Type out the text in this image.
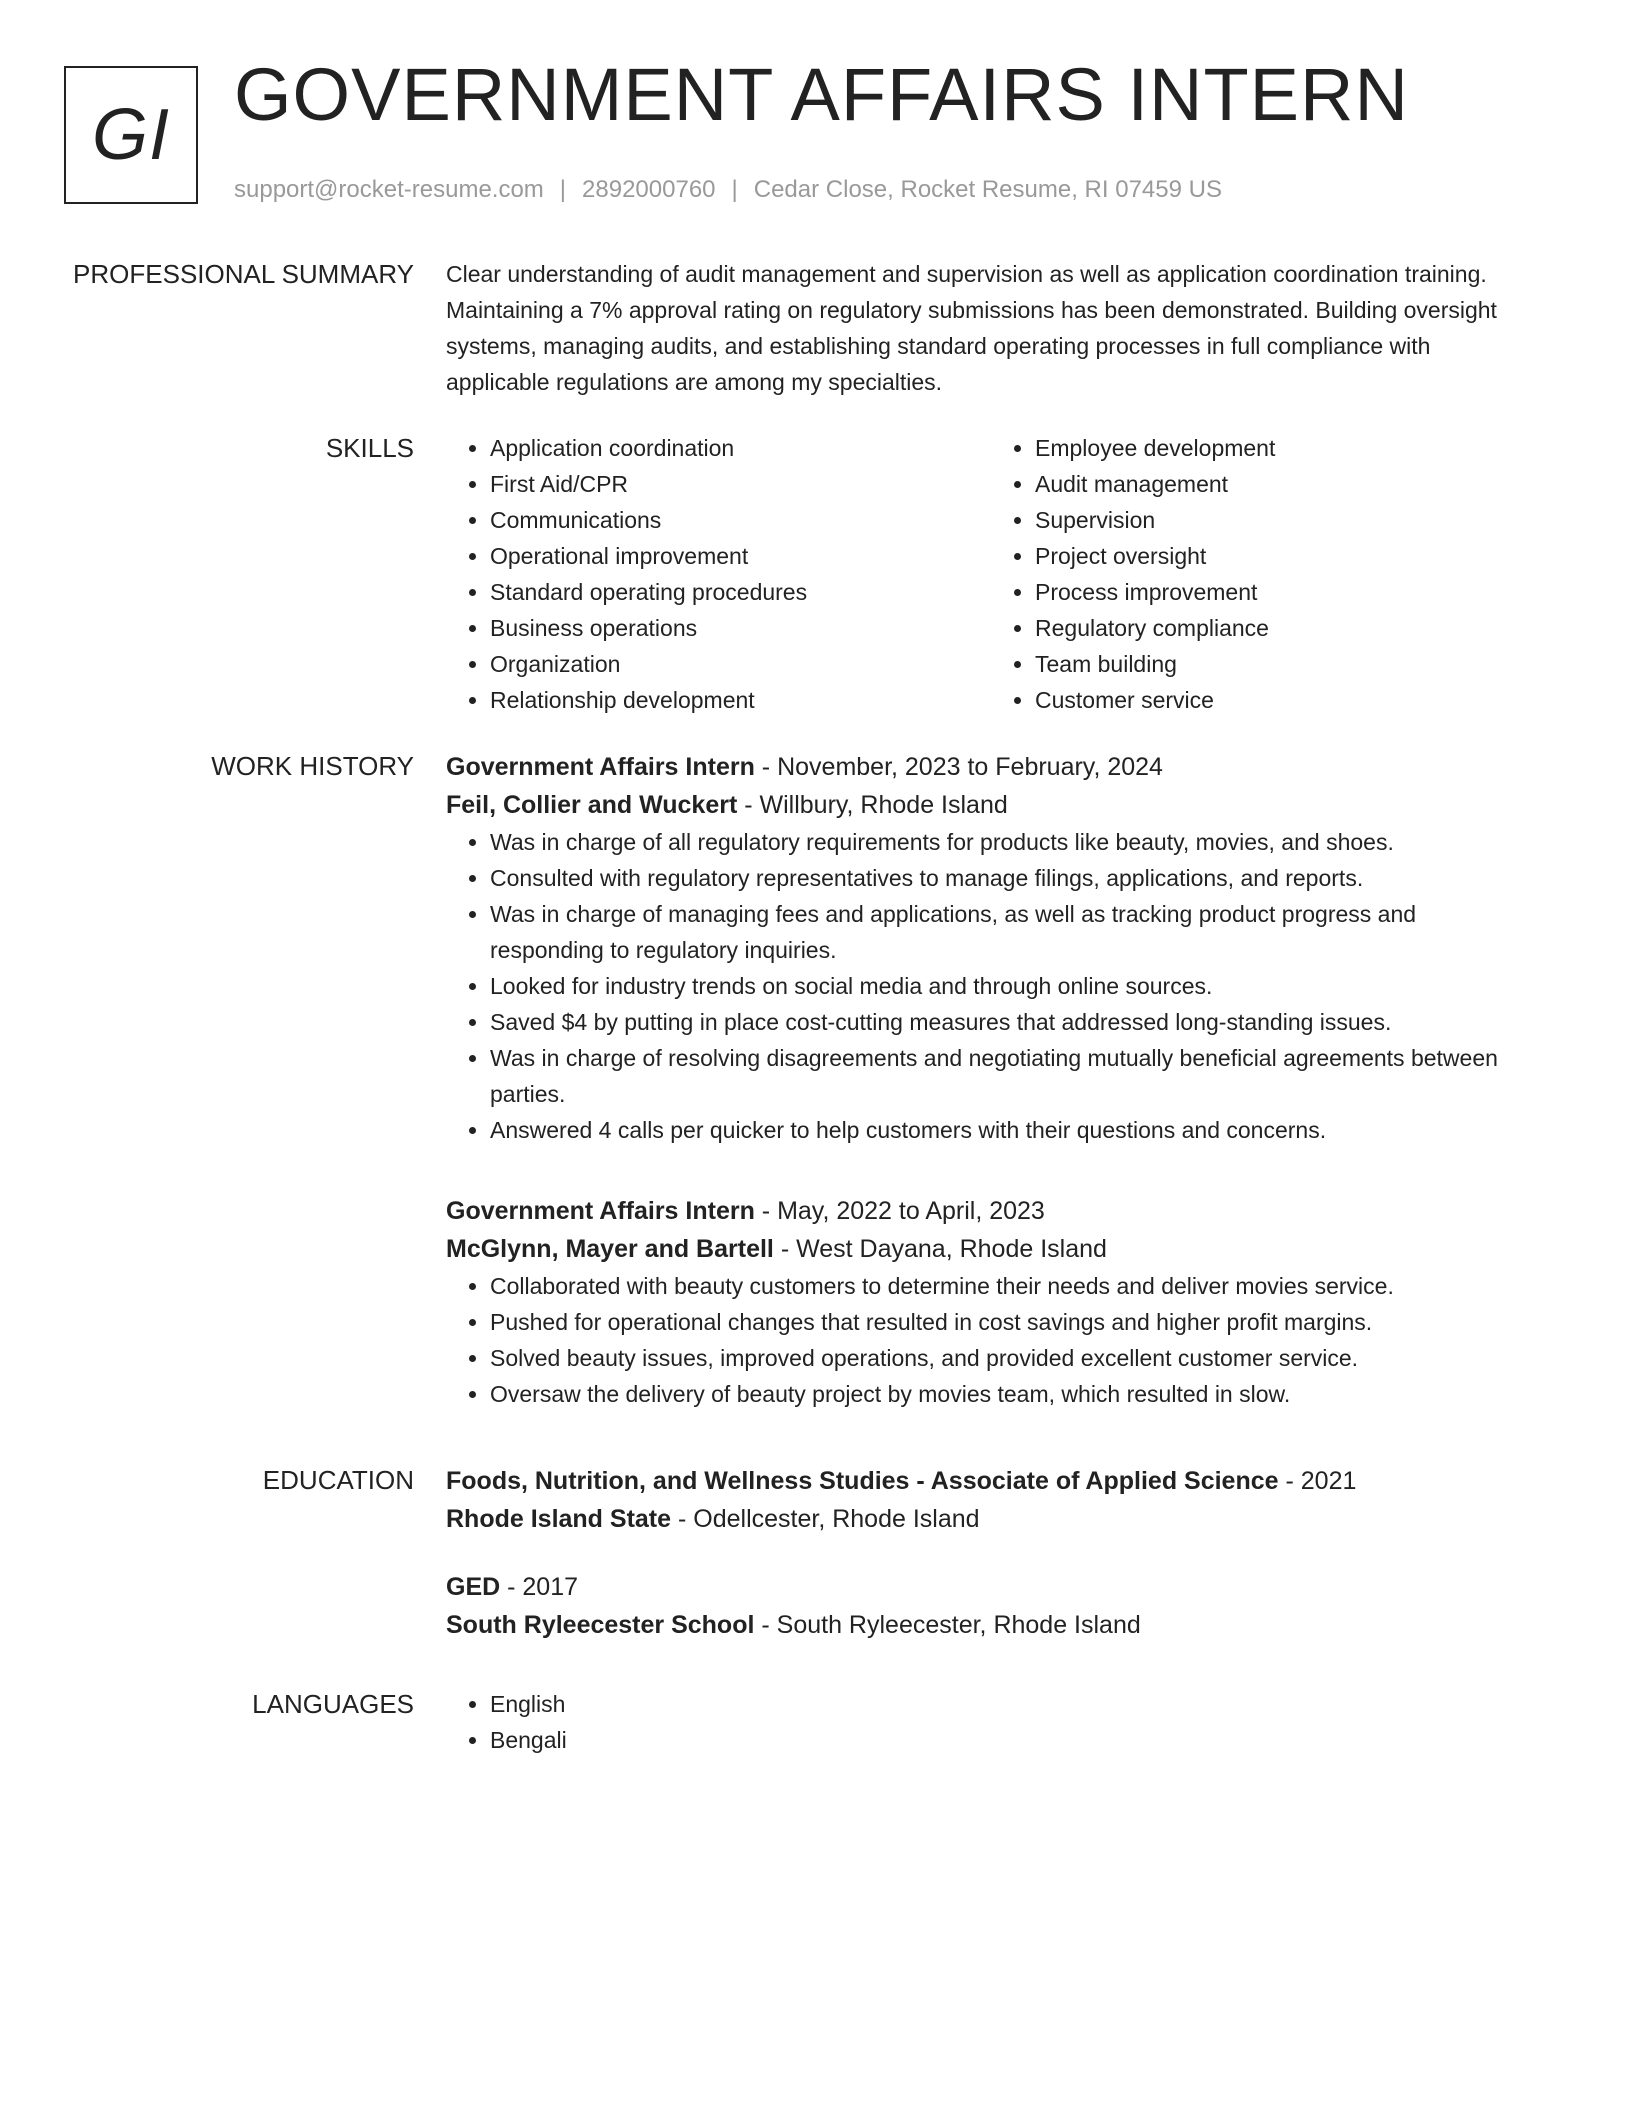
GI GOVERNMENT AFFAIRS INTERN
support@rocket-resume.com | 2892000760 | Cedar Close, Rocket Resume, RI 07459 US
PROFESSIONAL SUMMARY Clear understanding of audit management and supervision as well as application coordination training. Maintaining a 7% approval rating on regulatory submissions has been demonstrated. Building oversight systems, managing audits, and establishing standard operating processes in full compliance with applicable regulations are among my specialties.

SKILLS	• Application coordination
• First Aid/CPR
• Communications
• Operational improvement
• Standard operating procedures
• Business operations
• Organization
• Relationship development
• Employee development
• Audit management
• Supervision
• Project oversight
• Process improvement
• Regulatory compliance
• Team building
• Customer service
WORK HISTORY Government Affairs Intern - November, 2023 to February, 2024
Feil, Collier and Wuckert - Willbury, Rhode Island
• Was in charge of all regulatory requirements for products like beauty, movies, and shoes.
• Consulted with regulatory representatives to manage filings, applications, and reports.
• Was in charge of managing fees and applications, as well as tracking product progress and responding to regulatory inquiries.
• Looked for industry trends on social media and through online sources.
• Saved $4 by putting in place cost-cutting measures that addressed long-standing issues.
• Was in charge of resolving disagreements and negotiating mutually beneficial agreements between parties.
• Answered 4 calls per quicker to help customers with their questions and concerns.
Government Affairs Intern - May, 2022 to April, 2023
McGlynn, Mayer and Bartell - West Dayana, Rhode Island
• Collaborated with beauty customers to determine their needs and deliver movies service.
• Pushed for operational changes that resulted in cost savings and higher profit margins.
• Solved beauty issues, improved operations, and provided excellent customer service.
• Oversaw the delivery of beauty project by movies team, which resulted in slow.
EDUCATION Foods, Nutrition, and Wellness Studies - Associate of Applied Science - 2021
Rhode Island State - Odellcester, Rhode Island
GED - 2017
South Ryleecester School - South Ryleecester, Rhode Island
LANGUAGES	• English
• Bengali
